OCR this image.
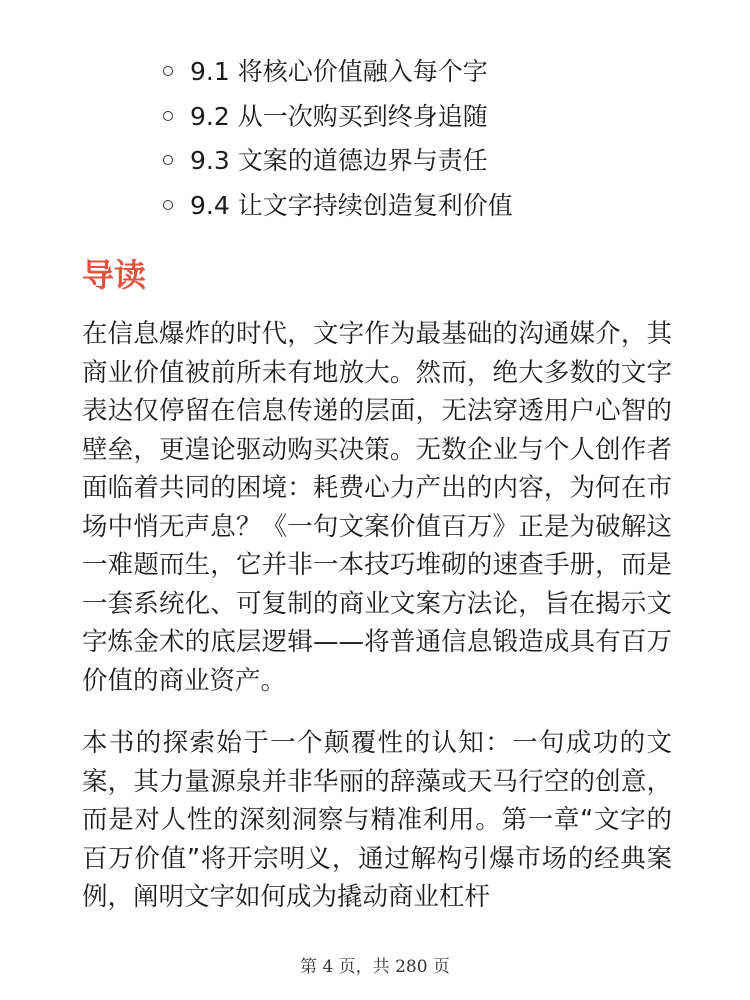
9.1 将核心价值融入每个字
9.2 从一次购买到终身追随
9.3 文案的道德边界与责任
9.4 让文字持续创造复利价值
导读

在信息爆炸的时代，文字作为最基础的沟通媒介，其商业价值被前所未有地放大。然而，绝大多数的文字表达仅停留在信息传递的层面，无法穿透用户心智的壁垒，更遑论驱动购买决策。无数企业与个人创作者面临着共同的困境：耗费心力产出的内容，为何在市场中悄无声息？《一句文案价值百万》正是为破解这一难题而生，它并非一本技巧堆砌的速查手册，而是一套系统化、可复制的商业文案方法论，旨在揭示文字炼金术的底层逻辑——将普通信息锻造成具有百万价值的商业资产。

本书的探索始于一个颠覆性的认知：一句成功的文案，其力量源泉并非华丽的辞藻或天马行空的创意，而是对人性的深刻洞察与精准利用。第一章“文字的百万价值”将开宗明义，通过解构引爆市场的经典案例，阐明文字如何成为撬动商业杠杆

第 4 页，共 280 页
